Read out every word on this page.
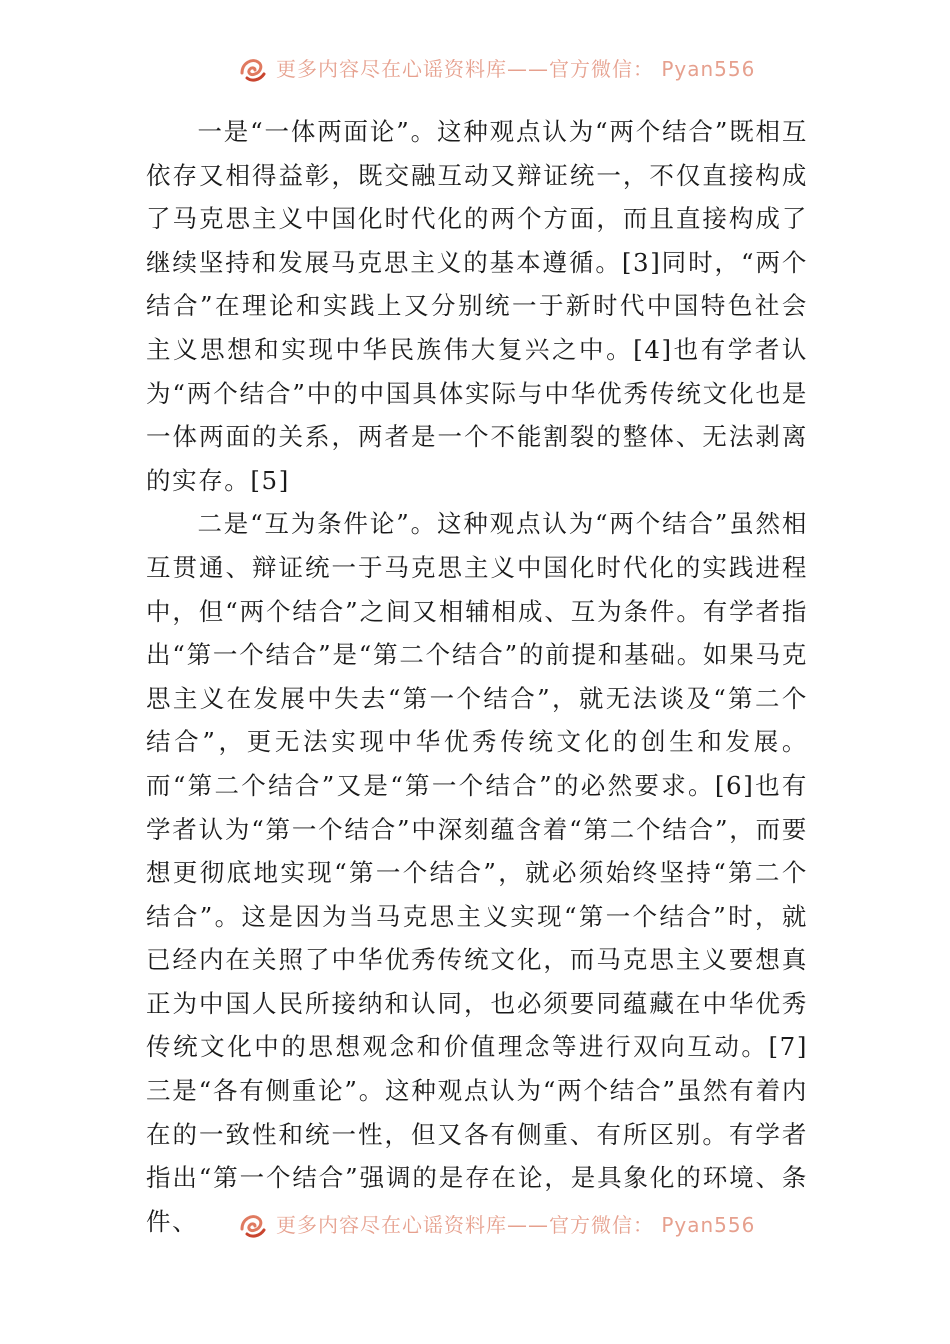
更多内容尽在心谣资料库——官方微信： Pyan556

一是“一体两面论”。这种观点认为“两个结合”既相互依存又相得益彰，既交融互动又辩证统一，不仅直接构成了马克思主义中国化时代化的两个方面，而且直接构成了继续坚持和发展马克思主义的基本遵循。[3]同时，“两个结合”在理论和实践上又分别统一于新时代中国特色社会主义思想和实现中华民族伟大复兴之中。[4]也有学者认为“两个结合”中的中国具体实际与中华优秀传统文化也是一体两面的关系，两者是一个不能割裂的整体、无法剥离的实存。[5]

二是“互为条件论”。这种观点认为“两个结合”虽然相互贯通、辩证统一于马克思主义中国化时代化的实践进程中，但“两个结合”之间又相辅相成、互为条件。有学者指出“第一个结合”是“第二个结合”的前提和基础。如果马克思主义在发展中失去“第一个结合”，就无法谈及“第二个结合”，更无法实现中华优秀传统文化的创生和发展。而“第二个结合”又是“第一个结合”的必然要求。[6]也有学者认为“第一个结合”中深刻蕴含着“第二个结合”，而要想更彻底地实现“第一个结合”，就必须始终坚持“第二个结合”。这是因为当马克思主义实现“第一个结合”时，就已经内在关照了中华优秀传统文化，而马克思主义要想真正为中国人民所接纳和认同，也必须要同蕴藏在中华优秀传统文化中的思想观念和价值理念等进行双向互动。[7]三是“各有侧重论”。这种观点认为“两个结合”虽然有着内在的一致性和统一性，但又各有侧重、有所区别。有学者指出“第一个结合”强调的是存在论，是具象化的环境、条件、	更多内容尽在心谣资料库——官方微信： Pyan556
